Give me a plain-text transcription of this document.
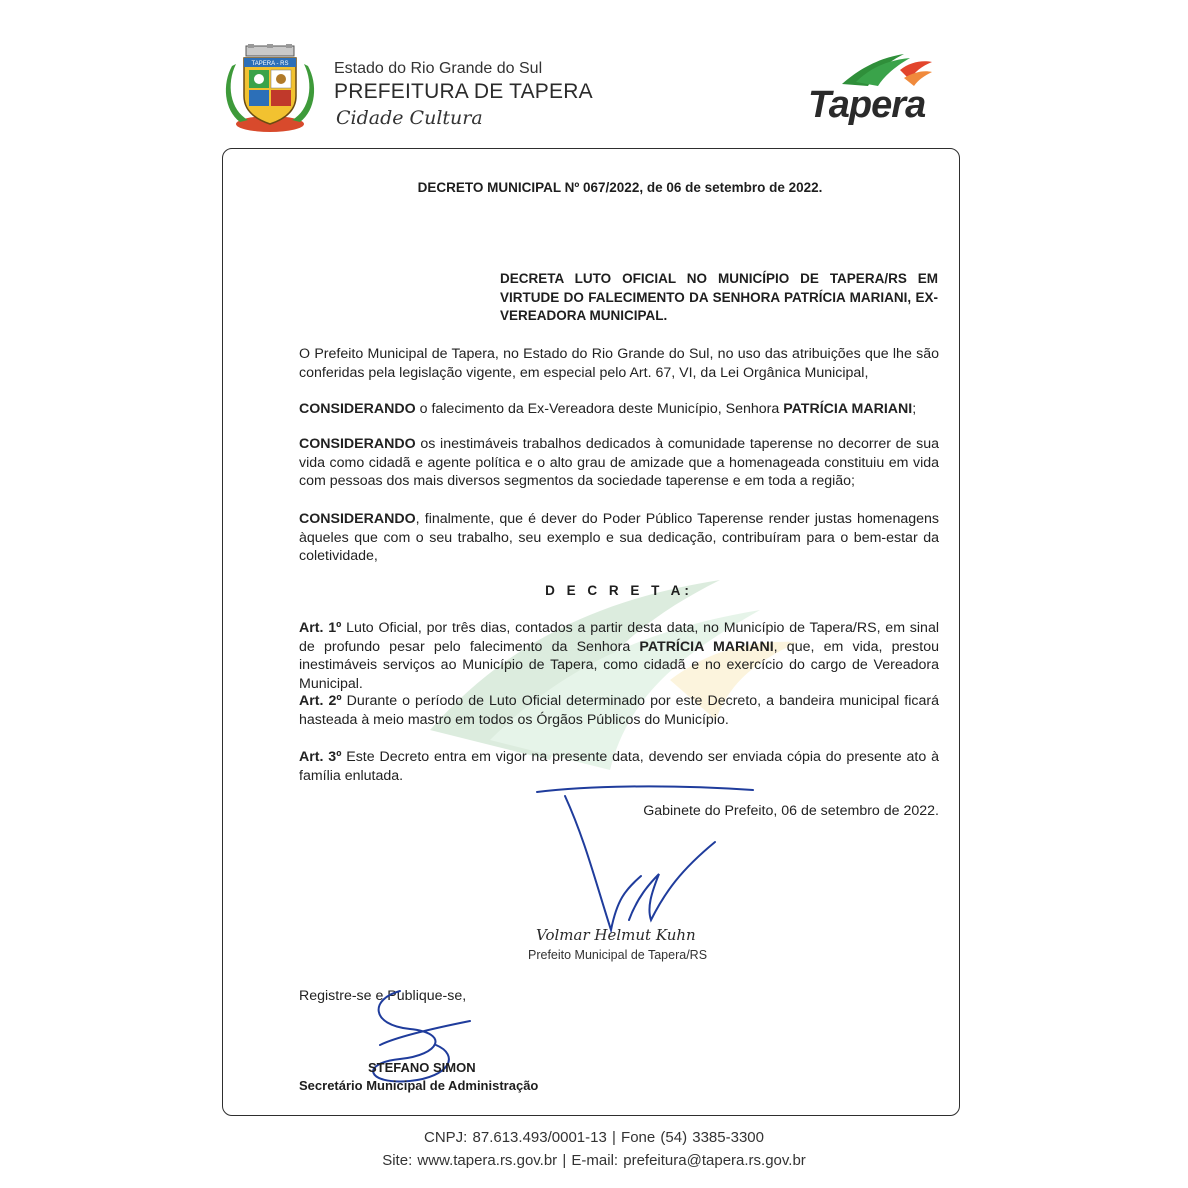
TAPERA - RS	Estado do Rio Grande do Sul
PREFEITURA DE TAPERA
Cidade Cultura	Tapera
DECRETO MUNICIPAL Nº 067/2022, de 06 de setembro de 2022.
DECRETA LUTO OFICIAL NO MUNICÍPIO DE TAPERA/RS EM VIRTUDE DO FALECIMENTO DA SENHORA PATRÍCIA MARIANI, EX-VEREADORA MUNICIPAL.
O Prefeito Municipal de Tapera, no Estado do Rio Grande do Sul, no uso das atribuições que lhe são conferidas pela legislação vigente, em especial pelo Art. 67, VI, da Lei Orgânica Municipal,
CONSIDERANDO o falecimento da Ex-Vereadora deste Município, Senhora PATRÍCIA MARIANI;
CONSIDERANDO os inestimáveis trabalhos dedicados à comunidade taperense no decorrer de sua vida como cidadã e agente política e o alto grau de amizade que a homenageada constituiu em vida com pessoas dos mais diversos segmentos da sociedade taperense e em toda a região;
CONSIDERANDO, finalmente, que é dever do Poder Público Taperense render justas homenagens àqueles que com o seu trabalho, seu exemplo e sua dedicação, contribuíram para o bem-estar da coletividade,
D E C R E T A:
Art. 1º Luto Oficial, por três dias, contados a partir desta data, no Município de Tapera/RS, em sinal de profundo pesar pelo falecimento da Senhora PATRÍCIA MARIANI, que, em vida, prestou inestimáveis serviços ao Município de Tapera, como cidadã e no exercício do cargo de Vereadora Municipal.
Art. 2º Durante o período de Luto Oficial determinado por este Decreto, a bandeira municipal ficará hasteada à meio mastro em todos os Órgãos Públicos do Município.
Art. 3º Este Decreto entra em vigor na presente data, devendo ser enviada cópia do presente ato à família enlutada.
Gabinete do Prefeito, 06 de setembro de 2022.
Volmar Helmut Kuhn
Prefeito Municipal de Tapera/RS
Registre-se e Publique-se,
STEFANO SIMON
Secretário Municipal de Administração
CNPJ: 87.613.493/0001-13 | Fone (54) 3385-3300
Site: www.tapera.rs.gov.br | E-mail: prefeitura@tapera.rs.gov.br
